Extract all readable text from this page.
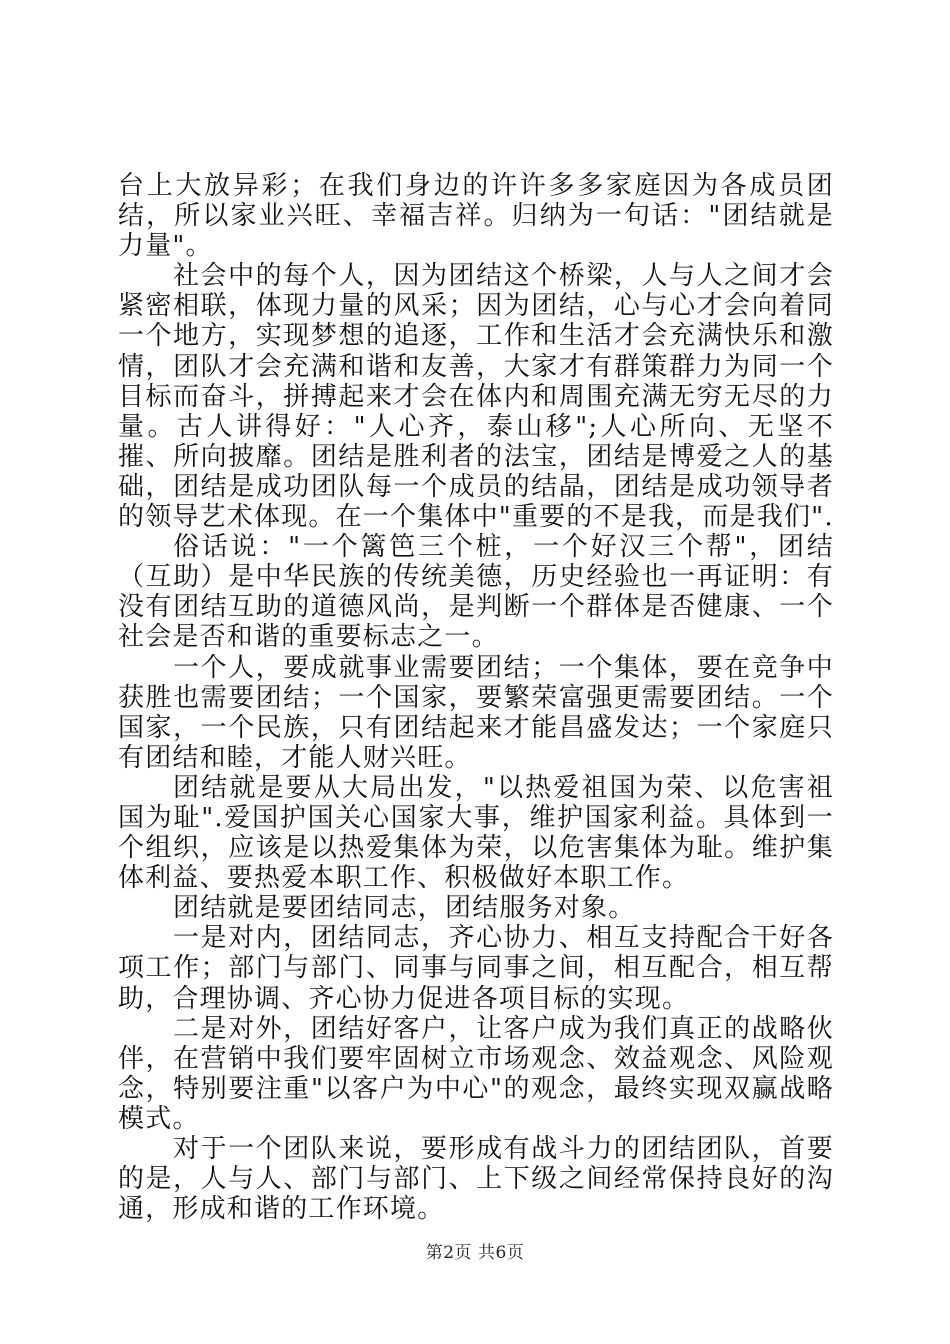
台上大放异彩；在我们身边的许许多多家庭因为各成员团结，所以家业兴旺、幸福吉祥。归纳为一句话："团结就是力量"。

社会中的每个人，因为团结这个桥梁，人与人之间才会紧密相联，体现力量的风采；因为团结，心与心才会向着同一个地方，实现梦想的追逐，工作和生活才会充满快乐和激情，团队才会充满和谐和友善，大家才有群策群力为同一个目标而奋斗，拼搏起来才会在体内和周围充满无穷无尽的力量。古人讲得好："人心齐，泰山移";人心所向、无坚不摧、所向披靡。团结是胜利者的法宝，团结是博爱之人的基础，团结是成功团队每一个成员的结晶，团结是成功领导者的领导艺术体现。在一个集体中"重要的不是我，而是我们".

俗话说："一个篱笆三个桩，一个好汉三个帮"，团结（互助）是中华民族的传统美德，历史经验也一再证明：有没有团结互助的道德风尚，是判断一个群体是否健康、一个社会是否和谐的重要标志之一。

一个人，要成就事业需要团结；一个集体，要在竞争中获胜也需要团结；一个国家，要繁荣富强更需要团结。一个国家，一个民族，只有团结起来才能昌盛发达；一个家庭只有团结和睦，才能人财兴旺。

团结就是要从大局出发，"以热爱祖国为荣、以危害祖国为耻".爱国护国关心国家大事，维护国家利益。具体到一个组织，应该是以热爱集体为荣，以危害集体为耻。维护集体利益、要热爱本职工作、积极做好本职工作。

团结就是要团结同志，团结服务对象。

一是对内，团结同志，齐心协力、相互支持配合干好各项工作；部门与部门、同事与同事之间，相互配合，相互帮助，合理协调、齐心协力促进各项目标的实现。

二是对外，团结好客户，让客户成为我们真正的战略伙伴，在营销中我们要牢固树立市场观念、效益观念、风险观念，特别要注重"以客户为中心"的观念，最终实现双赢战略模式。

对于一个团队来说，要形成有战斗力的团结团队，首要的是，人与人、部门与部门、上下级之间经常保持良好的沟通，形成和谐的工作环境。

第2页 共6页
